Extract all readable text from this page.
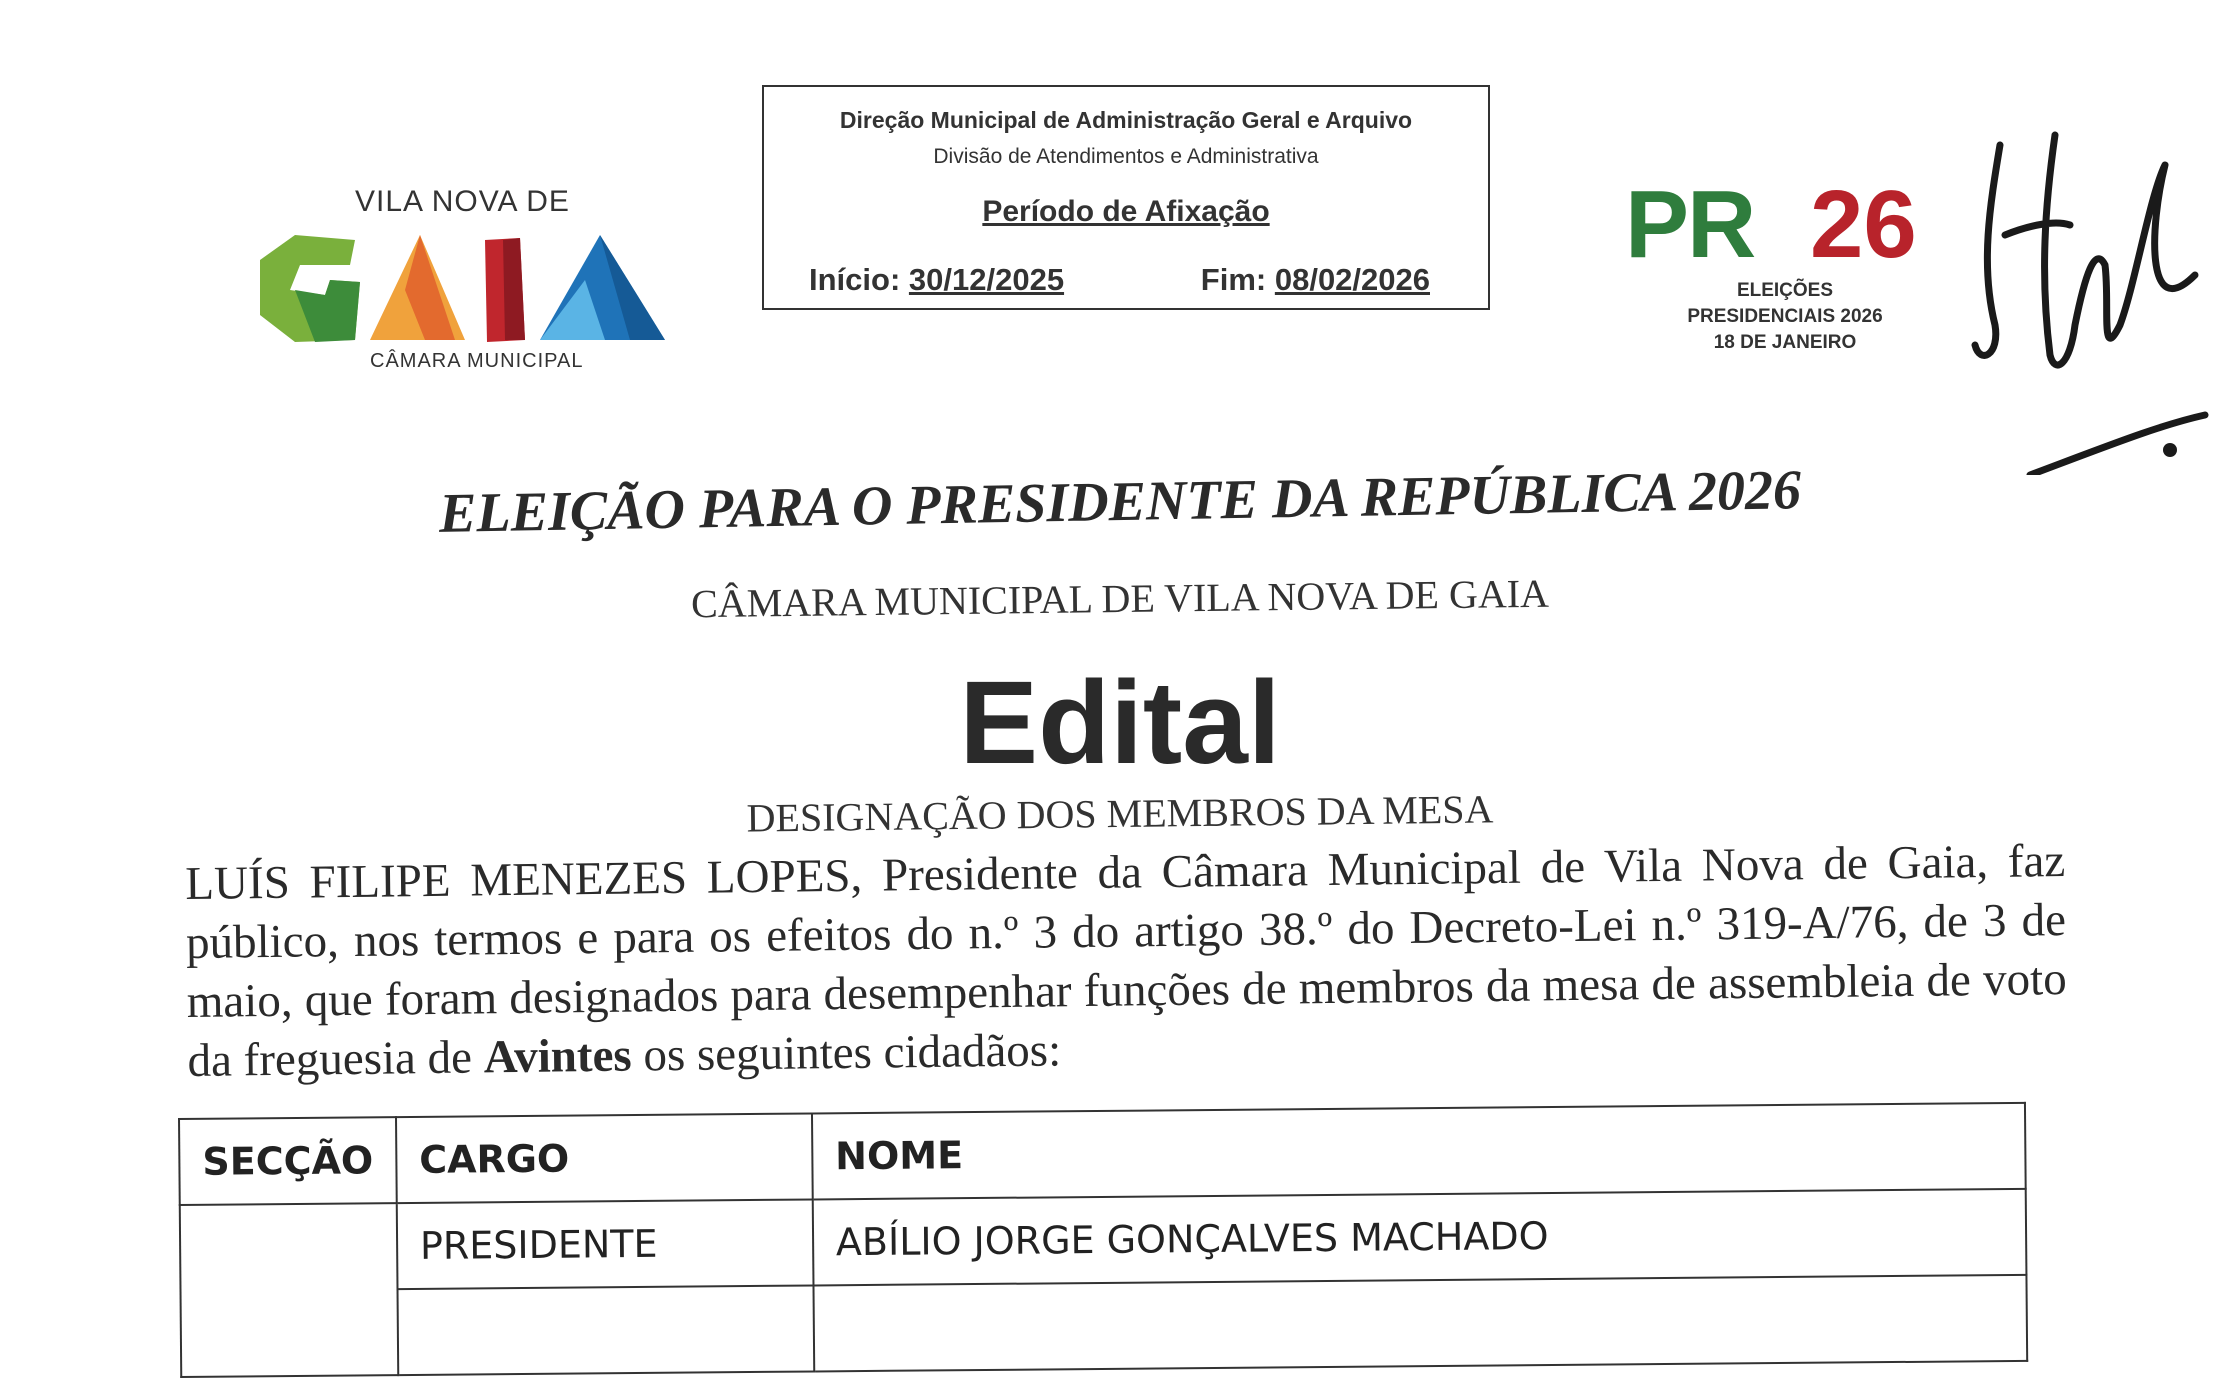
VILA NOVA DE
CÂMARA MUNICIPAL
Direção Municipal de Administração Geral e Arquivo
Divisão de Atendimentos e Administrativa
Período de Afixação
Início: 30/12/2025	Fim: 08/02/2026
PR 26
ELEIÇÕES
PRESIDENCIAIS 2026
18 DE JANEIRO
ELEIÇÃO PARA O PRESIDENTE DA REPÚBLICA 2026
CÂMARA MUNICIPAL DE VILA NOVA DE GAIA
Edital
DESIGNAÇÃO DOS MEMBROS DA MESA
LUÍS FILIPE MENEZES LOPES, Presidente da Câmara Municipal de Vila Nova de Gaia, faz público, nos termos e para os efeitos do n.º 3 do artigo 38.º do Decreto-Lei n.º 319-A/76, de 3 de maio, que foram designados para desempenhar funções de membros da mesa de assembleia de voto da freguesia de Avintes os seguintes cidadãos:
SECÇÃO	CARGO	NOME
	PRESIDENTE	ABÍLIO JORGE GONÇALVES MACHADO
